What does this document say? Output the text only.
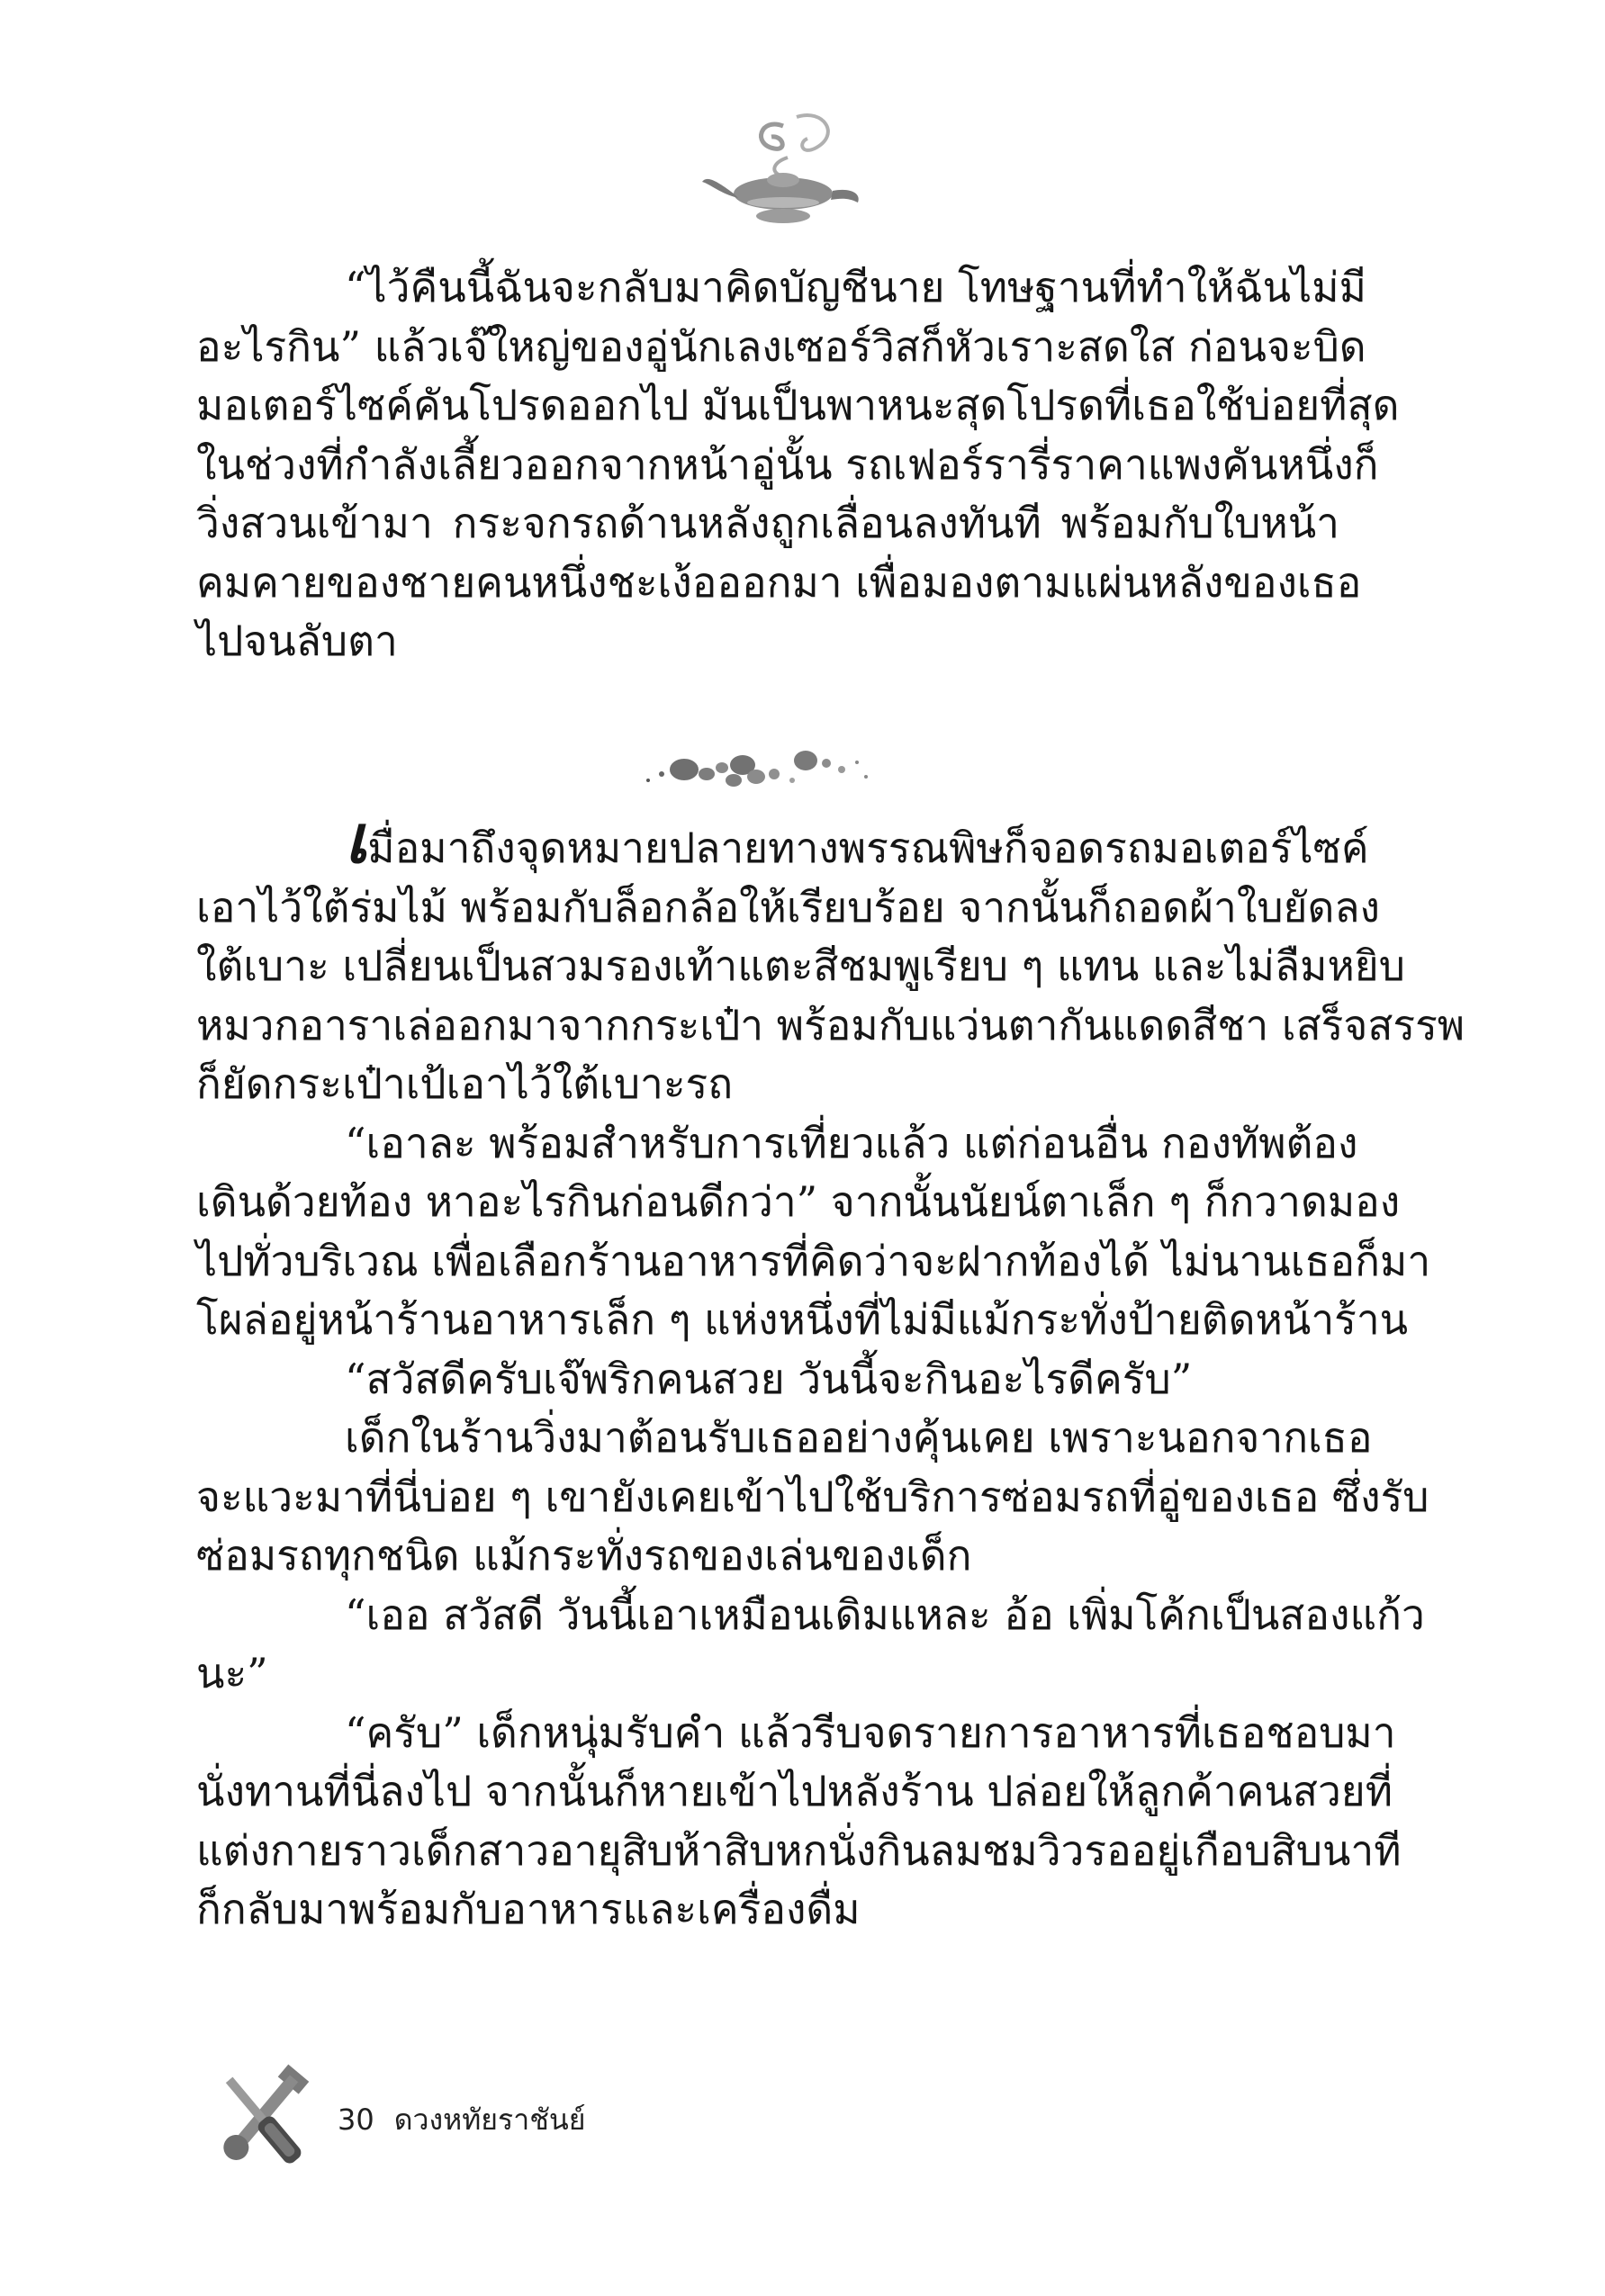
“ไว้คืนนี้ฉันจะกลับมาคิดบัญชีนาย โทษฐานที่ทำให้ฉันไม่มี
อะไรกิน” แล้วเจ๊ใหญ่ของอู่นักเลงเซอร์วิสก็หัวเราะสดใส ก่อนจะบิด
มอเตอร์ไซค์คันโปรดออกไป มันเป็นพาหนะสุดโปรดที่เธอใช้บ่อยที่สุด
ในช่วงที่กำลังเลี้ยวออกจากหน้าอู่นั้น รถเฟอร์รารี่ราคาแพงคันหนึ่งก็
วิ่งสวนเข้ามา กระจกรถด้านหลังถูกเลื่อนลงทันที พร้อมกับใบหน้า
คมคายของชายคนหนึ่งชะเง้อออกมา เพื่อมองตามแผ่นหลังของเธอ
ไปจนลับตา

เมื่อมาถึงจุดหมายปลายทางพรรณพิษก็จอดรถมอเตอร์ไซค์
เอาไว้ใต้ร่มไม้ พร้อมกับล็อกล้อให้เรียบร้อย จากนั้นก็ถอดผ้าใบยัดลง
ใต้เบาะ เปลี่ยนเป็นสวมรองเท้าแตะสีชมพูเรียบ ๆ แทน และไม่ลืมหยิบ
หมวกอาราเล่ออกมาจากกระเป๋า พร้อมกับแว่นตากันแดดสีชา เสร็จสรรพ
ก็ยัดกระเป๋าเป้เอาไว้ใต้เบาะรถ

“เอาละ พร้อมสำหรับการเที่ยวแล้ว แต่ก่อนอื่น กองทัพต้อง
เดินด้วยท้อง หาอะไรกินก่อนดีกว่า” จากนั้นนัยน์ตาเล็ก ๆ ก็กวาดมอง
ไปทั่วบริเวณ เพื่อเลือกร้านอาหารที่คิดว่าจะฝากท้องได้ ไม่นานเธอก็มา
โผล่อยู่หน้าร้านอาหารเล็ก ๆ แห่งหนึ่งที่ไม่มีแม้กระทั่งป้ายติดหน้าร้าน

“สวัสดีครับเจ๊พริกคนสวย วันนี้จะกินอะไรดีครับ”

เด็กในร้านวิ่งมาต้อนรับเธออย่างคุ้นเคย เพราะนอกจากเธอ
จะแวะมาที่นี่บ่อย ๆ เขายังเคยเข้าไปใช้บริการซ่อมรถที่อู่ของเธอ ซึ่งรับ
ซ่อมรถทุกชนิด แม้กระทั่งรถของเล่นของเด็ก

“เออ สวัสดี วันนี้เอาเหมือนเดิมแหละ อ้อ เพิ่มโค้กเป็นสองแก้ว
นะ”

“ครับ” เด็กหนุ่มรับคำ แล้วรีบจดรายการอาหารที่เธอชอบมา
นั่งทานที่นี่ลงไป จากนั้นก็หายเข้าไปหลังร้าน ปล่อยให้ลูกค้าคนสวยที่
แต่งกายราวเด็กสาวอายุสิบห้าสิบหกนั่งกินลมชมวิวรออยู่เกือบสิบนาที
ก็กลับมาพร้อมกับอาหารและเครื่องดื่ม

30 ดวงหทัยราชันย์
